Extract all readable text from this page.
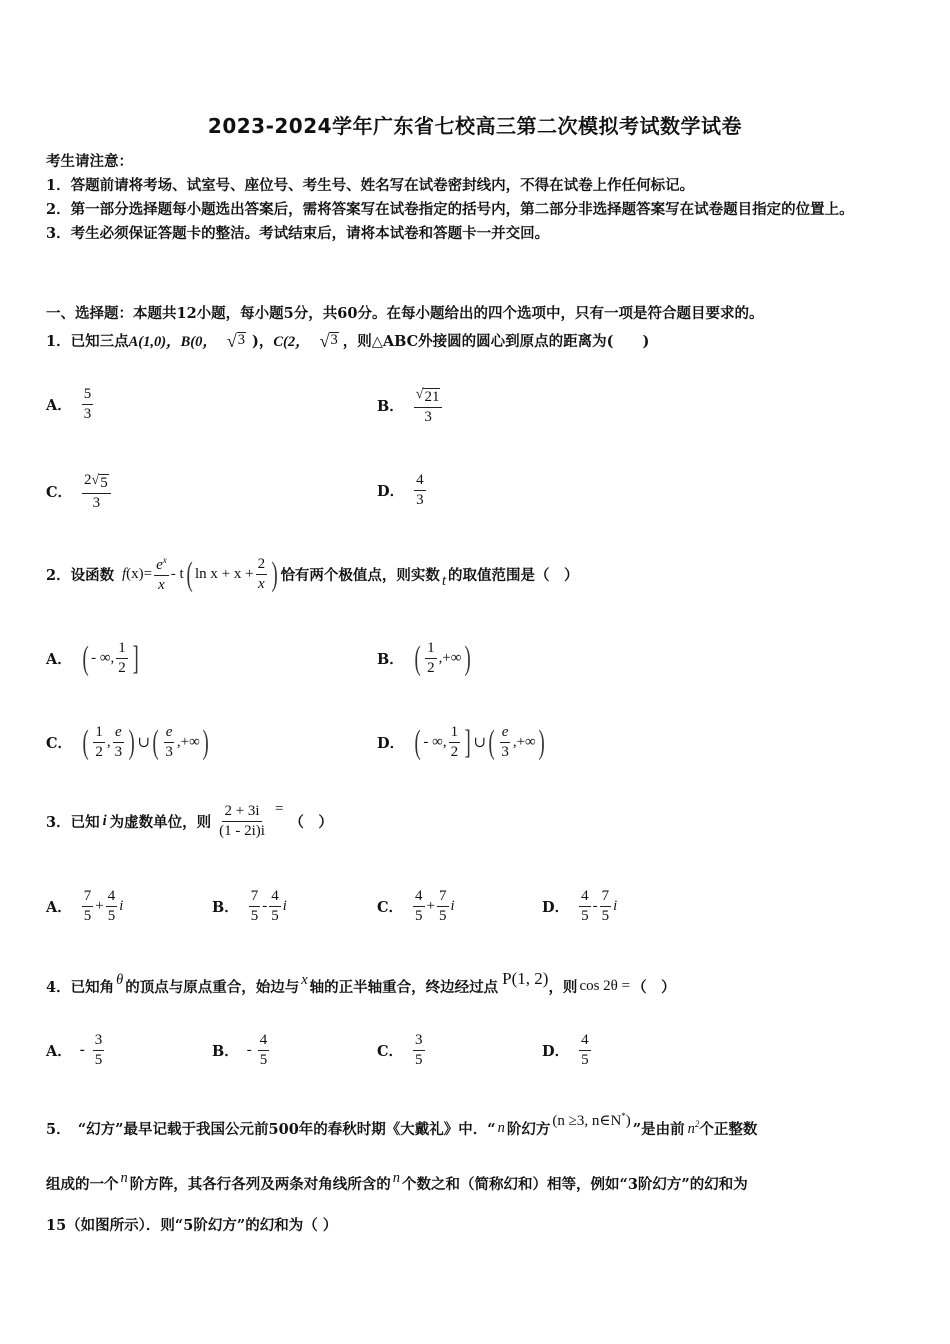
2023-2024学年广东省七校高三第二次模拟考试数学试卷
考生请注意：
1．答题前请将考场、试室号、座位号、考生号、姓名写在试卷密封线内，不得在试卷上作任何标记。
2．第一部分选择题每小题选出答案后，需将答案写在试卷指定的括号内，第二部分非选择题答案写在试卷题目指定的位置上。
3．考生必须保证答题卡的整洁。考试结束后，请将本试卷和答题卡一并交回。
一、选择题：本题共12小题，每小题5分，共60分。在每小题给出的四个选项中，只有一项是符合题目要求的。
1．已知三点 A(1,0)， B(0， √ 3 )， C(2， √ 3 ，则△ABC外接圆的圆心到原点的距离为(　　)
A． $\frac{5}{3}$	B． $\frac{√ 21}{3}$
C． $\frac{2 √ 5}{3}$	D． $\frac{4}{3}$
2．设函数 f $(x) = \frac{e^x}{x} - t$ ( $\ln x + x + \frac{2}{x}$ ) 恰有两个极值点，则实数 t 的取值范围是（　）
A． ( - ∞, $\frac{1}{2}$ ]	B． ( $\frac{1}{2}$ ,+∞ )
C． ( $\frac{1}{2}$ , $\frac{e}{3}$ ) ∪ ( $\frac{e}{3}$ ,+∞ )	D． ( - ∞, $\frac{1}{2}$ ] ∪ ( $\frac{e}{3}$ ,+∞ )
3．已知 i 为虚数单位，则 $\frac{2 + 3i}{(1 - 2i)i}$ =
（　）
A． $\frac{7}{5} + \frac{4}{5}$ i	B． $\frac{7}{5} - \frac{4}{5}$ i	C． $\frac{4}{5} + \frac{7}{5}$ i	D． $\frac{4}{5} - \frac{7}{5}$ i
4．已知角 θ 的顶点与原点重合，始边与 x 轴的正半轴重合，终边经过点 P(1, 2) ，则 cos 2θ = （　）
A． - $\frac{3}{5}$	B． - $\frac{4}{5}$	C． $\frac{3}{5}$	D． $\frac{4}{5}$
5．　“幻方”最早记载于我国公元前500年的春秋时期《大戴礼》中．“ n 阶幻方 (n ≥3, n∈N*) ”是由前 $n^2$ 个正整数
组成的一个 n 阶方阵，其各行各列及两条对角线所含的 n 个数之和（简称幻和）相等，例如“3阶幻方”的幻和为
15（如图所示）．则“5阶幻方”的幻和为（ ）
